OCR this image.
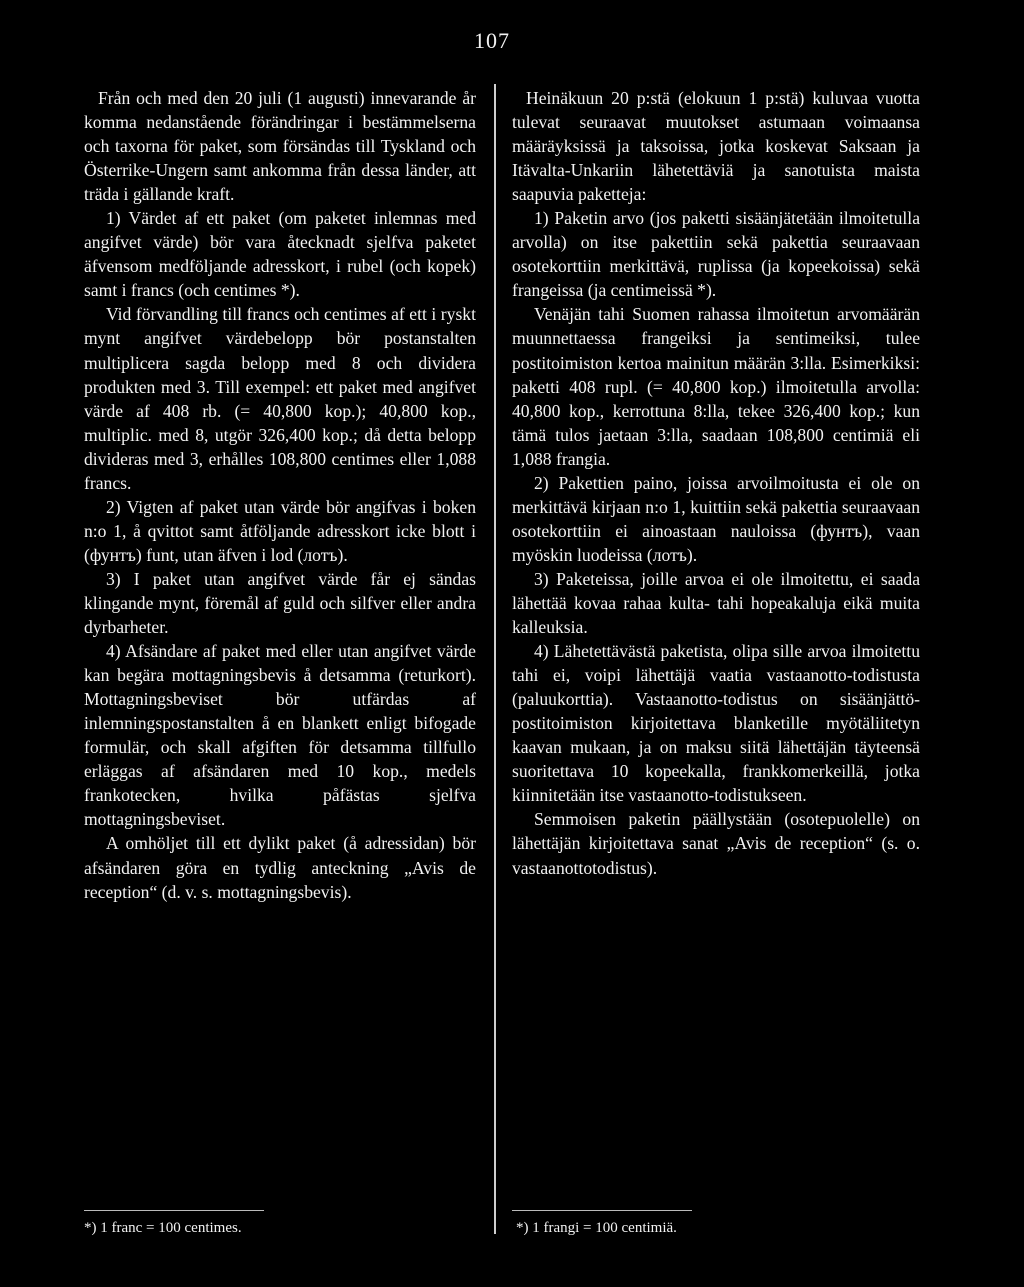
107

Från och med den 20 juli (1 augusti) innevarande år komma nedanstående förändringar i bestämmelserna och taxorna för paket, som försändas till Tyskland och Österrike-Ungern samt ankomma från dessa länder, att träda i gällande kraft.

1) Värdet af ett paket (om paketet inlemnas med angifvet värde) bör vara åtecknadt sjelfva paketet äfvensom medföljande adresskort, i rubel (och kopek) samt i francs (och centimes *).

Vid förvandling till francs och centimes af ett i ryskt mynt angifvet värdebelopp bör postanstalten multiplicera sagda belopp med 8 och dividera produkten med 3. Till exempel: ett paket med angifvet värde af 408 rb. (= 40,800 kop.); 40,800 kop., multiplic. med 8, utgör 326,400 kop.; då detta belopp divideras med 3, erhålles 108,800 centimes eller 1,088 francs.

2) Vigten af paket utan värde bör angifvas i boken n:o 1, å qvittot samt åtföljande adresskort icke blott i (фунтъ) funt, utan äfven i lod (лотъ).

3) I paket utan angifvet värde får ej sändas klingande mynt, föremål af guld och silfver eller andra dyrbarheter.

4) Afsändare af paket med eller utan angifvet värde kan begära mottagningsbevis å detsamma (returkort). Mottagningsbeviset bör utfärdas af inlemningspostanstalten å en blankett enligt bifogade formulär, och skall afgiften för detsamma tillfullo erläggas af afsändaren med 10 kop., medels frankotecken, hvilka påfästas sjelfva mottagningsbeviset.

A omhöljet till ett dylikt paket (å adressidan) bör afsändaren göra en tydlig anteckning „Avis de reception“ (d. v. s. mottagningsbevis).

Heinäkuun 20 p:stä (elokuun 1 p:stä) kuluvaa vuotta tulevat seuraavat muutokset astumaan voimaansa määräyksissä ja taksoissa, jotka koskevat Saksaan ja Itävalta-Unkariin lähetettäviä ja sanotuista maista saapuvia paketteja:

1) Paketin arvo (jos paketti sisäänjätetään ilmoitetulla arvolla) on itse pakettiin sekä pakettia seuraavaan osotekorttiin merkittävä, ruplissa (ja kopeekoissa) sekä frangeissa (ja centimeissä *).

Venäjän tahi Suomen rahassa ilmoitetun arvomäärän muunnettaessa frangeiksi ja sentimeiksi, tulee postitoimiston kertoa mainitun määrän 3:lla. Esimerkiksi: paketti 408 rupl. (= 40,800 kop.) ilmoitetulla arvolla: 40,800 kop., kerrottuna 8:lla, tekee 326,400 kop.; kun tämä tulos jaetaan 3:lla, saadaan 108,800 centimiä eli 1,088 frangia.

2) Pakettien paino, joissa arvoilmoitusta ei ole on merkittävä kirjaan n:o 1, kuittiin sekä pakettia seuraavaan osotekorttiin ei ainoastaan nauloissa (фунтъ), vaan myöskin luodeissa (лотъ).

3) Paketeissa, joille arvoa ei ole ilmoitettu, ei saada lähettää kovaa rahaa kulta- tahi hopeakaluja eikä muita kalleuksia.

4) Lähetettävästä paketista, olipa sille arvoa ilmoitettu tahi ei, voipi lähettäjä vaatia vastaanotto-todistusta (paluukorttia). Vastaanotto-todistus on sisäänjättö-postitoimiston kirjoitettava blanketille myötäliitetyn kaavan mukaan, ja on maksu siitä lähettäjän täyteensä suoritettava 10 kopeekalla, frankkomerkeillä, jotka kiinnitetään itse vastaanotto-todistukseen.

Semmoisen paketin päällystään (osotepuolelle) on lähettäjän kirjoitettava sanat „Avis de reception“ (s. o. vastaanottotodistus).

*) 1 franc = 100 centimes.	*) 1 frangi = 100 centimiä.
